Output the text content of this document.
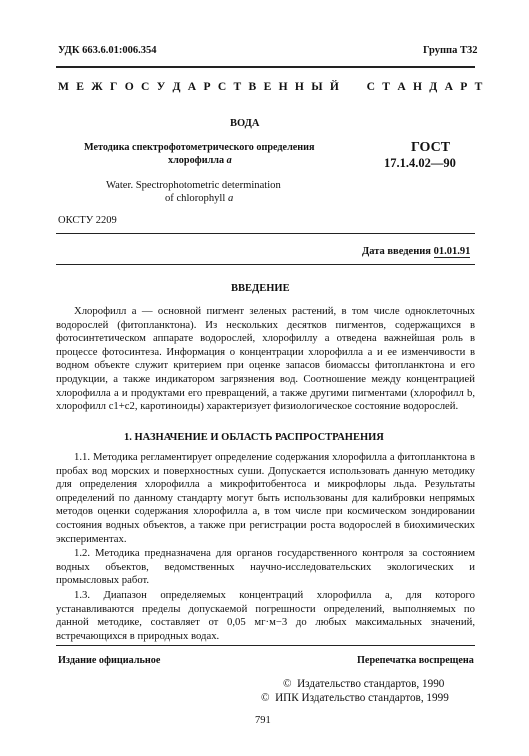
УДК 663.6.01:006.354	Группа Т32
М Е Ж Г О С У Д А Р С Т В Е Н Н Ы Й     С Т А Н Д А Р Т
ВОДА
Методика спектрофотометрического определения
хлорофилла а
ГОСТ
17.1.4.02—90
Water. Spectrophotometric determination
of chlorophyll a
ОКСТУ 2209
Дата введения 01.01.91
ВВЕДЕНИЕ
Хлорофилл а — основной пигмент зеленых растений, в том числе одноклеточных водорослей (фитопланктона). Из нескольких десятков пигментов, содержащихся в фотосинтетическом аппарате водорослей, хлорофиллу а отведена важнейшая роль в процессе фотосинтеза. Информация о концентрации хлорофилла а и ее изменчивости в водном объекте служит критерием при оценке запасов биомассы фитопланктона и его продукции, а также индикатором загрязнения вод. Соотношение между концентрацией хлорофилла а и продуктами его превращений, а также другими пигментами (хлорофилл b, хлорофилл c1+c2, каротиноиды) характеризует физиологическое состояние водорослей.
1. НАЗНАЧЕНИЕ И ОБЛАСТЬ РАСПРОСТРАНЕНИЯ
1.1. Методика регламентирует определение содержания хлорофилла а фитопланктона в пробах вод морских и поверхностных суши. Допускается использовать данную методику для определения хлорофилла а микрофитобентоса и микрофлоры льда. Результаты определений по данному стандарту могут быть использованы для калибровки непрямых методов оценки содержания хлорофилла а, в том числе при космическом зондировании состояния водных объектов, а также при регистрации роста водорослей в биохимических экспериментах.
1.2. Методика предназначена для органов государственного контроля за состоянием водных объектов, ведомственных научно-исследовательских экологических и промысловых работ.
1.3. Диапазон определяемых концентраций хлорофилла а, для которого устанавливаются пределы допускаемой погрешности определений, выполняемых по данной методике, составляет от 0,05 мг·м−3 до любых максимальных значений, встречающихся в природных водах.
Издание официальное	Перепечатка воспрещена
©  Издательство стандартов, 1990
©  ИПК Издательство стандартов, 1999
791
